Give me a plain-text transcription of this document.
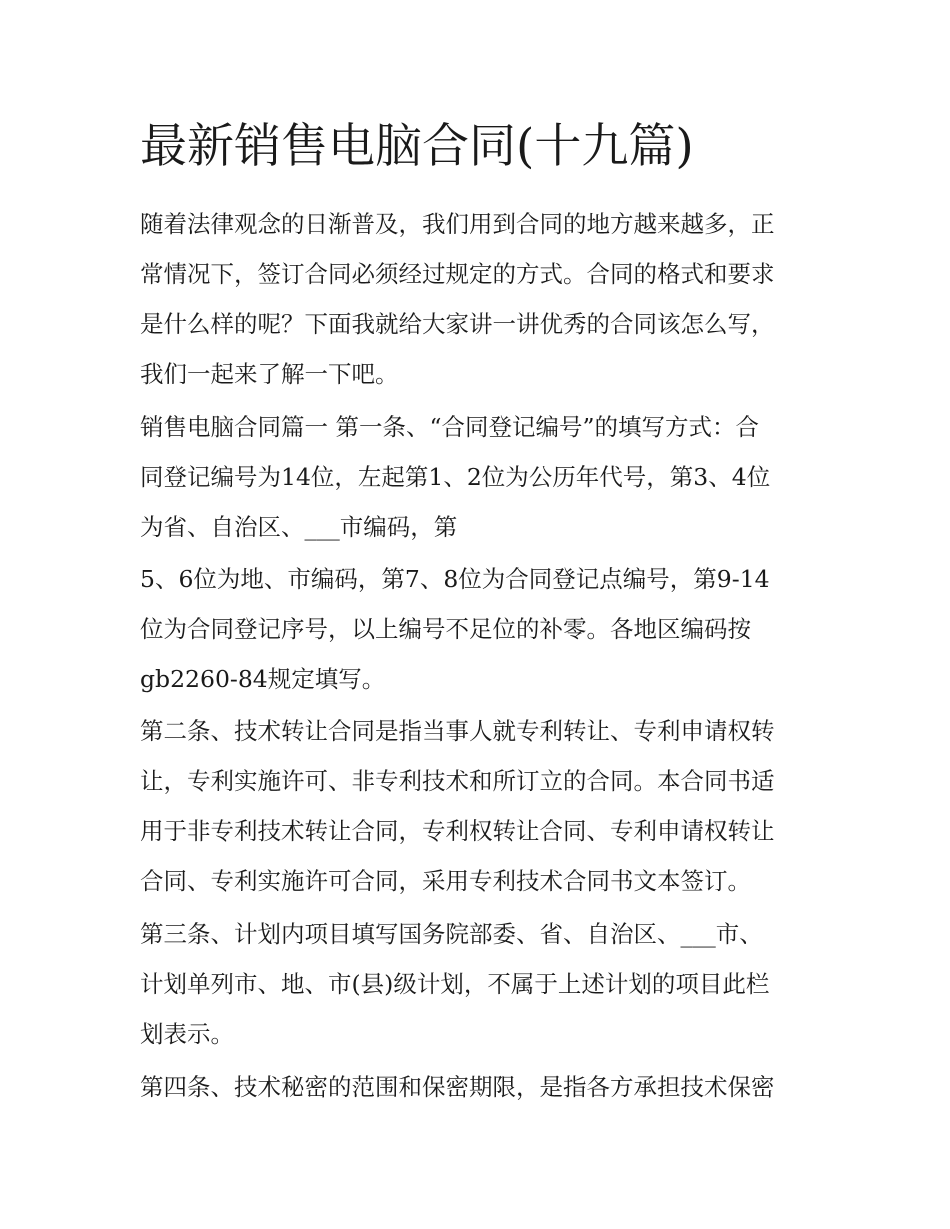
最新销售电脑合同(十九篇)

随着法律观念的日渐普及，我们用到合同的地方越来越多，正

常情况下，签订合同必须经过规定的方式。合同的格式和要求

是什么样的呢？下面我就给大家讲一讲优秀的合同该怎么写，

我们一起来了解一下吧。

销售电脑合同篇一 第一条、“合同登记编号”的填写方式：合

同登记编号为14位，左起第1、2位为公历年代号，第3、4位

为省、自治区、___市编码，第

5、6位为地、市编码，第7、8位为合同登记点编号，第9-14

位为合同登记序号，以上编号不足位的补零。各地区编码按

gb2260-84规定填写。

第二条、技术转让合同是指当事人就专利转让、专利申请权转

让，专利实施许可、非专利技术和所订立的合同。本合同书适

用于非专利技术转让合同，专利权转让合同、专利申请权转让

合同、专利实施许可合同，采用专利技术合同书文本签订。

第三条、计划内项目填写国务院部委、省、自治区、___市、

计划单列市、地、市(县)级计划，不属于上述计划的项目此栏

划表示。

第四条、技术秘密的范围和保密期限，是指各方承担技术保密
